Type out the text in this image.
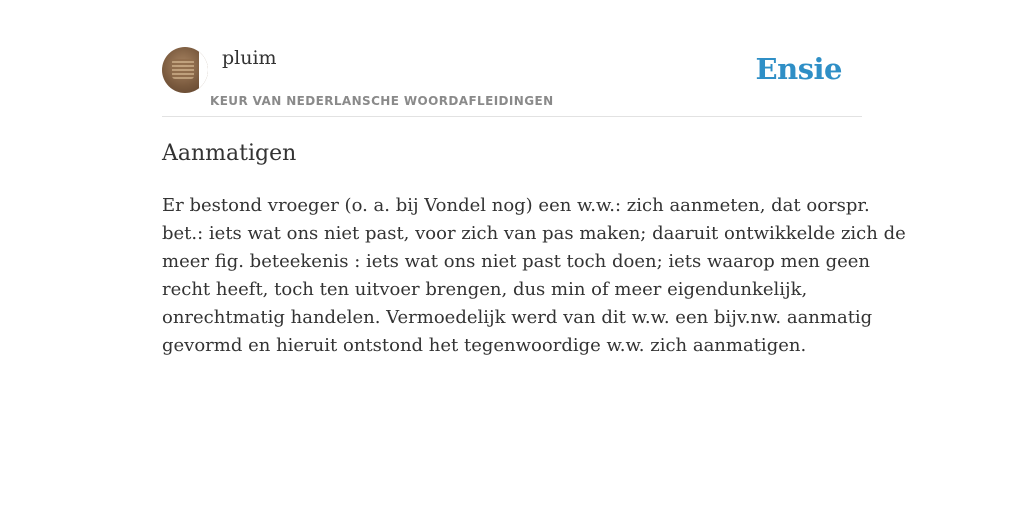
pluim
KEUR VAN NEDERLANSCHE WOORDAFLEIDINGEN
Ensie
Aanmatigen
Er bestond vroeger (o. a. bij Vondel nog) een w.w.: zich aanmeten, dat oorspr.
bet.: iets wat ons niet past, voor zich van pas maken; daaruit ontwikkelde zich de
meer fig. beteekenis : iets wat ons niet past toch doen; iets waarop men geen
recht heeft, toch ten uitvoer brengen, dus min of meer eigendunkelijk,
onrechtmatig handelen. Vermoedelijk werd van dit w.w. een bijv.nw. aanmatig
gevormd en hieruit ontstond het tegenwoordige w.w. zich aanmatigen.
